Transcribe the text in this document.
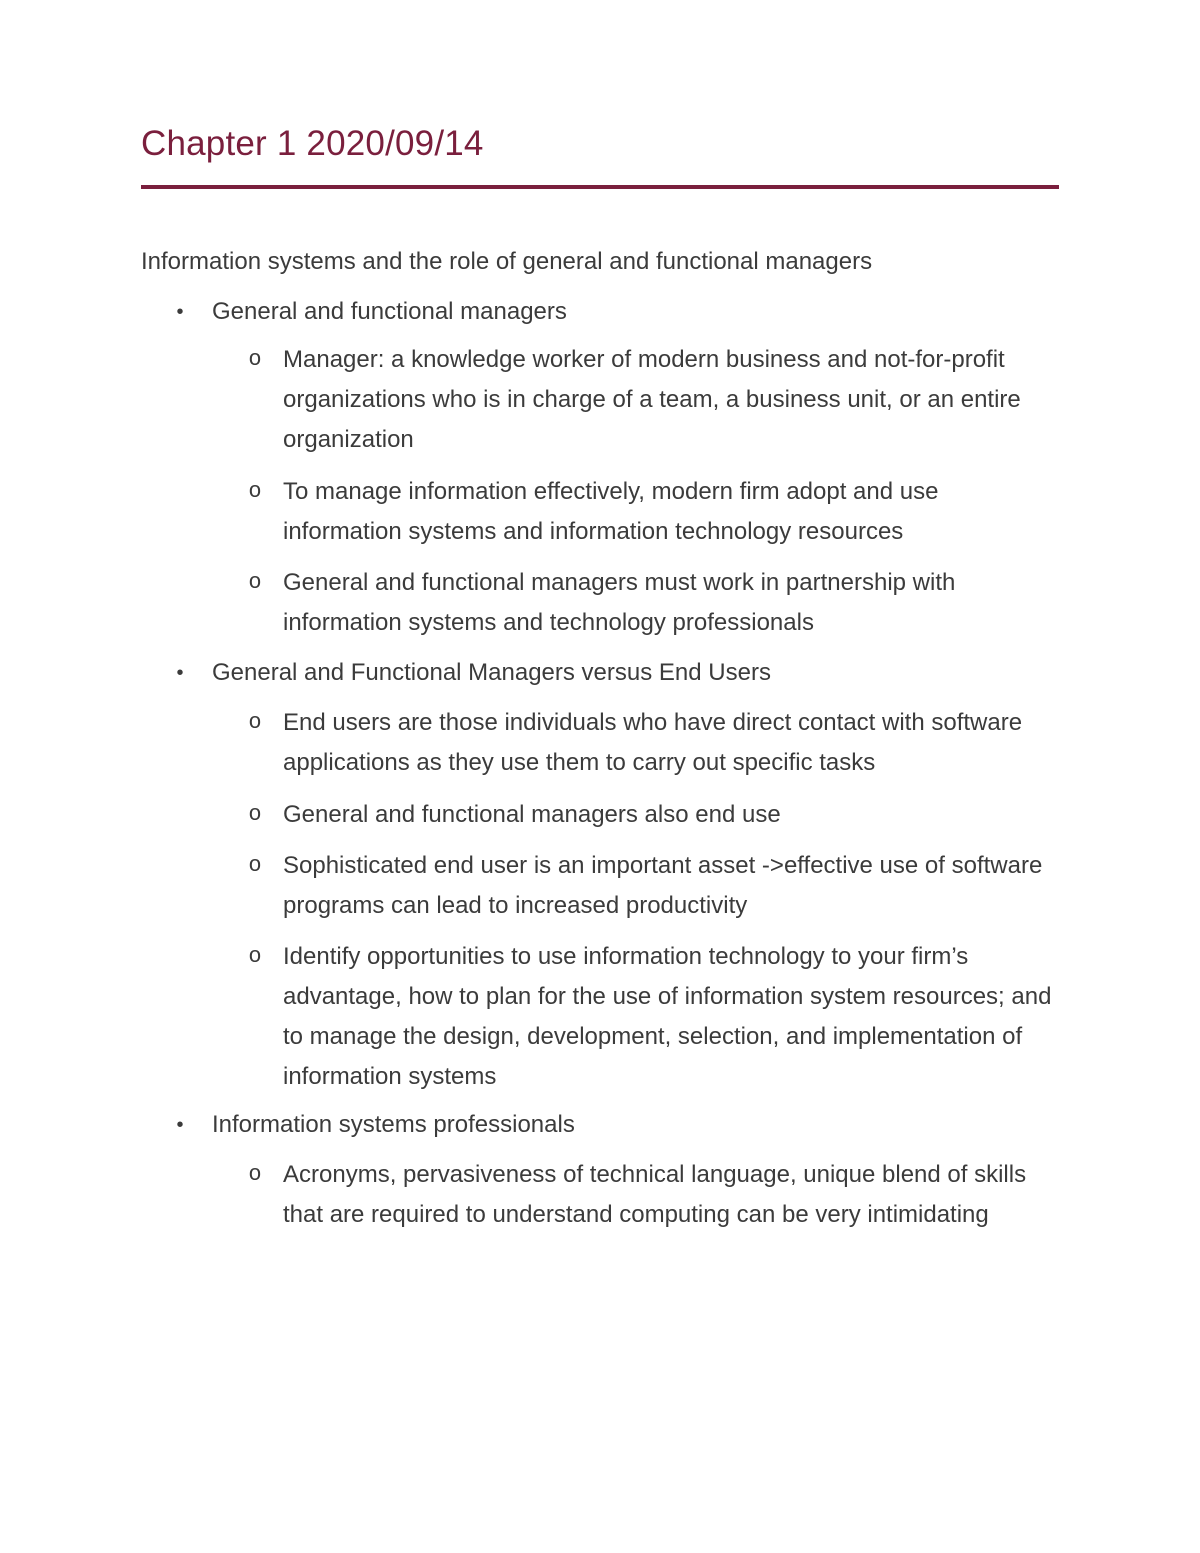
Chapter 1 2020/09/14
Information systems and the role of general and functional managers
• General and functional managers
o Manager: a knowledge worker of modern business and not-for-profit organizations who is in charge of a team, a business unit, or an entire organization
o To manage information effectively, modern firm adopt and use information systems and information technology resources
o General and functional managers must work in partnership with information systems and technology professionals
• General and Functional Managers versus End Users
o End users are those individuals who have direct contact with software applications as they use them to carry out specific tasks
o General and functional managers also end use
o Sophisticated end user is an important asset ->effective use of software programs can lead to increased productivity
o Identify opportunities to use information technology to your firm’s advantage, how to plan for the use of information system resources; and to manage the design, development, selection, and implementation of information systems
• Information systems professionals
o Acronyms, pervasiveness of technical language, unique blend of skills that are required to understand computing can be very intimidating
